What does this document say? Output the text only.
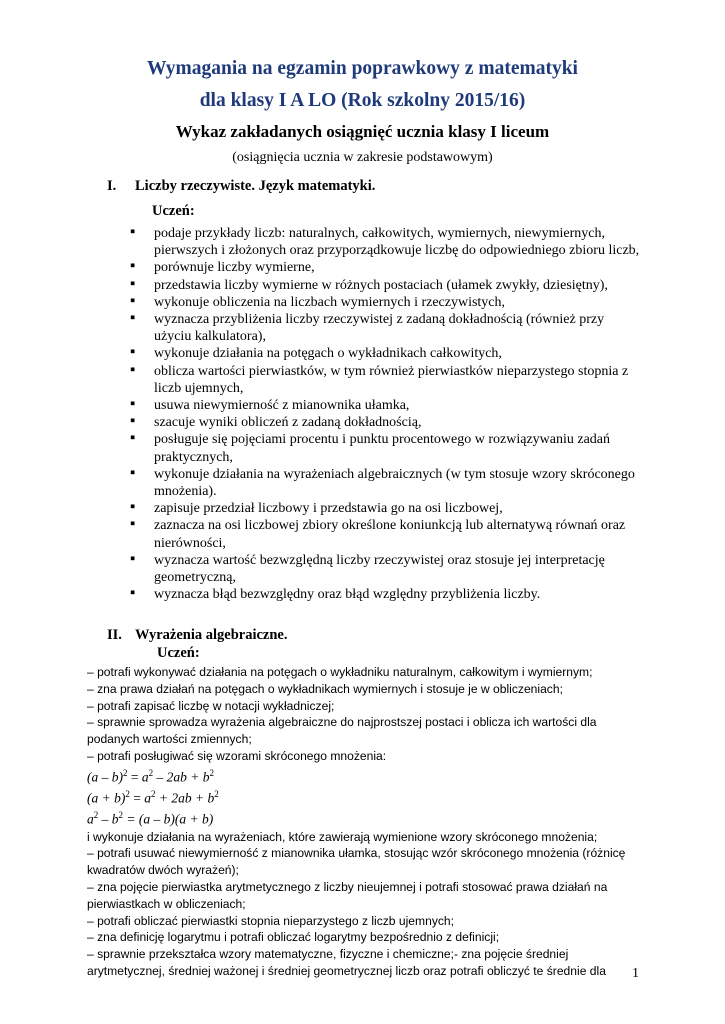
Wymagania na egzamin poprawkowy z matematyki
dla klasy I A LO (Rok szkolny 2015/16)
Wykaz zakładanych osiągnięć ucznia klasy I liceum
(osiągnięcia ucznia w zakresie podstawowym)
I. Liczby rzeczywiste. Język matematyki.
Uczeń:
▪ podaje przykłady liczb: naturalnych, całkowitych, wymiernych, niewymiernych, pierwszych i złożonych oraz przyporządkowuje liczbę do odpowiedniego zbioru liczb,
▪ porównuje liczby wymierne,
▪ przedstawia liczby wymierne w różnych postaciach (ułamek zwykły, dziesiętny),
▪ wykonuje obliczenia na liczbach wymiernych i rzeczywistych,
▪ wyznacza przybliżenia liczby rzeczywistej z zadaną dokładnością (również przy użyciu kalkulatora),
▪ wykonuje działania na potęgach o wykładnikach całkowitych,
▪ oblicza wartości pierwiastków, w tym również pierwiastków nieparzystego stopnia z liczb ujemnych,
▪ usuwa niewymierność z mianownika ułamka,
▪ szacuje wyniki obliczeń z zadaną dokładnością,
▪ posługuje się pojęciami procentu i punktu procentowego w rozwiązywaniu zadań praktycznych,
▪ wykonuje działania na wyrażeniach algebraicznych (w tym stosuje wzory skróconego mnożenia).
▪ zapisuje przedział liczbowy i przedstawia go na osi liczbowej,
▪ zaznacza na osi liczbowej zbiory określone koniunkcją lub alternatywą równań oraz nierówności,
▪ wyznacza wartość bezwzględną liczby rzeczywistej oraz stosuje jej interpretację geometryczną,
▪ wyznacza błąd bezwzględny oraz błąd względny przybliżenia liczby.
II. Wyrażenia algebraiczne.
Uczeń:
– potrafi wykonywać działania na potęgach o wykładniku naturalnym, całkowitym i wymiernym;
– zna prawa działań na potęgach o wykładnikach wymiernych i stosuje je w obliczeniach;
– potrafi zapisać liczbę w notacji wykładniczej;
– sprawnie sprowadza wyrażenia algebraiczne do najprostszej postaci i oblicza ich wartości dla podanych wartości zmiennych;
– potrafi posługiwać się wzorami skróconego mnożenia:
$(a - b)^2 = a^2 - 2ab + b^2$
$(a + b)^2 = a^2 + 2ab + b^2$
$a^2 - b^2 = (a - b)(a + b)$
i wykonuje działania na wyrażeniach, które zawierają wymienione wzory skróconego mnożenia;
– potrafi usuwać niewymierność z mianownika ułamka, stosując wzór skróconego mnożenia (różnicę kwadratów dwóch wyrażeń);
– zna pojęcie pierwiastka arytmetycznego z liczby nieujemnej i potrafi stosować prawa działań na pierwiastkach w obliczeniach;
– potrafi obliczać pierwiastki stopnia nieparzystego z liczb ujemnych;
– zna definicję logarytmu i potrafi obliczać logarytmy bezpośrednio z definicji;
– sprawnie przekształca wzory matematyczne, fizyczne i chemiczne;- zna pojęcie średniej arytmetycznej, średniej ważonej i średniej geometrycznej liczb oraz potrafi obliczyć te średnie dla	1
